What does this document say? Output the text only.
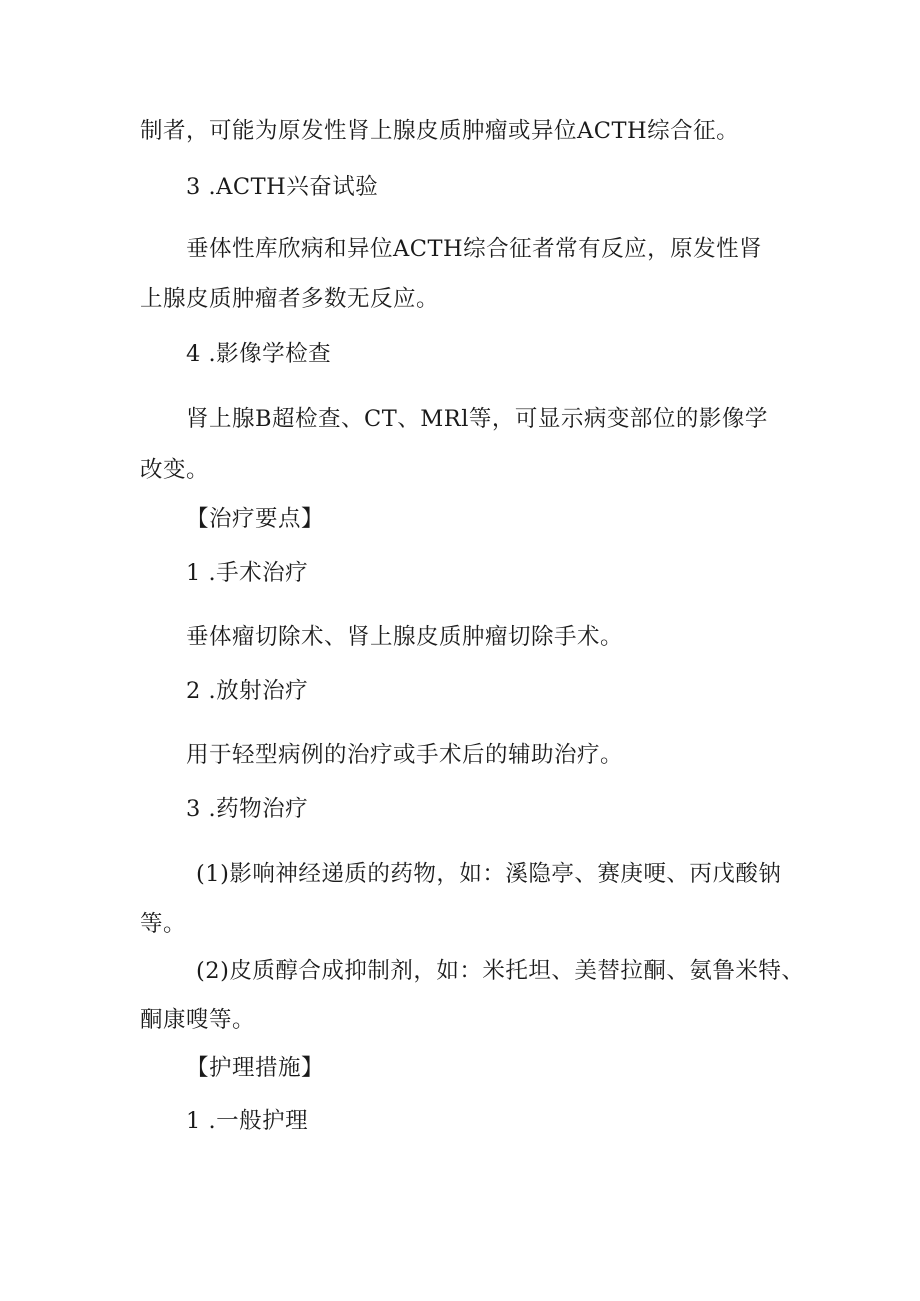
制者，可能为原发性肾上腺皮质肿瘤或异位ACTH综合征。
3 .ACTH兴奋试验
垂体性库欣病和异位ACTH综合征者常有反应，原发性肾
上腺皮质肿瘤者多数无反应。
4 .影像学检查
肾上腺B超检查、CT、MRl等，可显示病变部位的影像学
改变。
【治疗要点】
1 .手术治疗
垂体瘤切除术、肾上腺皮质肿瘤切除手术。
2 .放射治疗
用于轻型病例的治疗或手术后的辅助治疗。
3 .药物治疗
(1)影响神经递质的药物，如：溪隐亭、赛庚哽、丙戊酸钠
等。
(2)皮质醇合成抑制剂，如：米托坦、美替拉酮、氨鲁米特、
酮康嗖等。
【护理措施】
1 .一般护理
